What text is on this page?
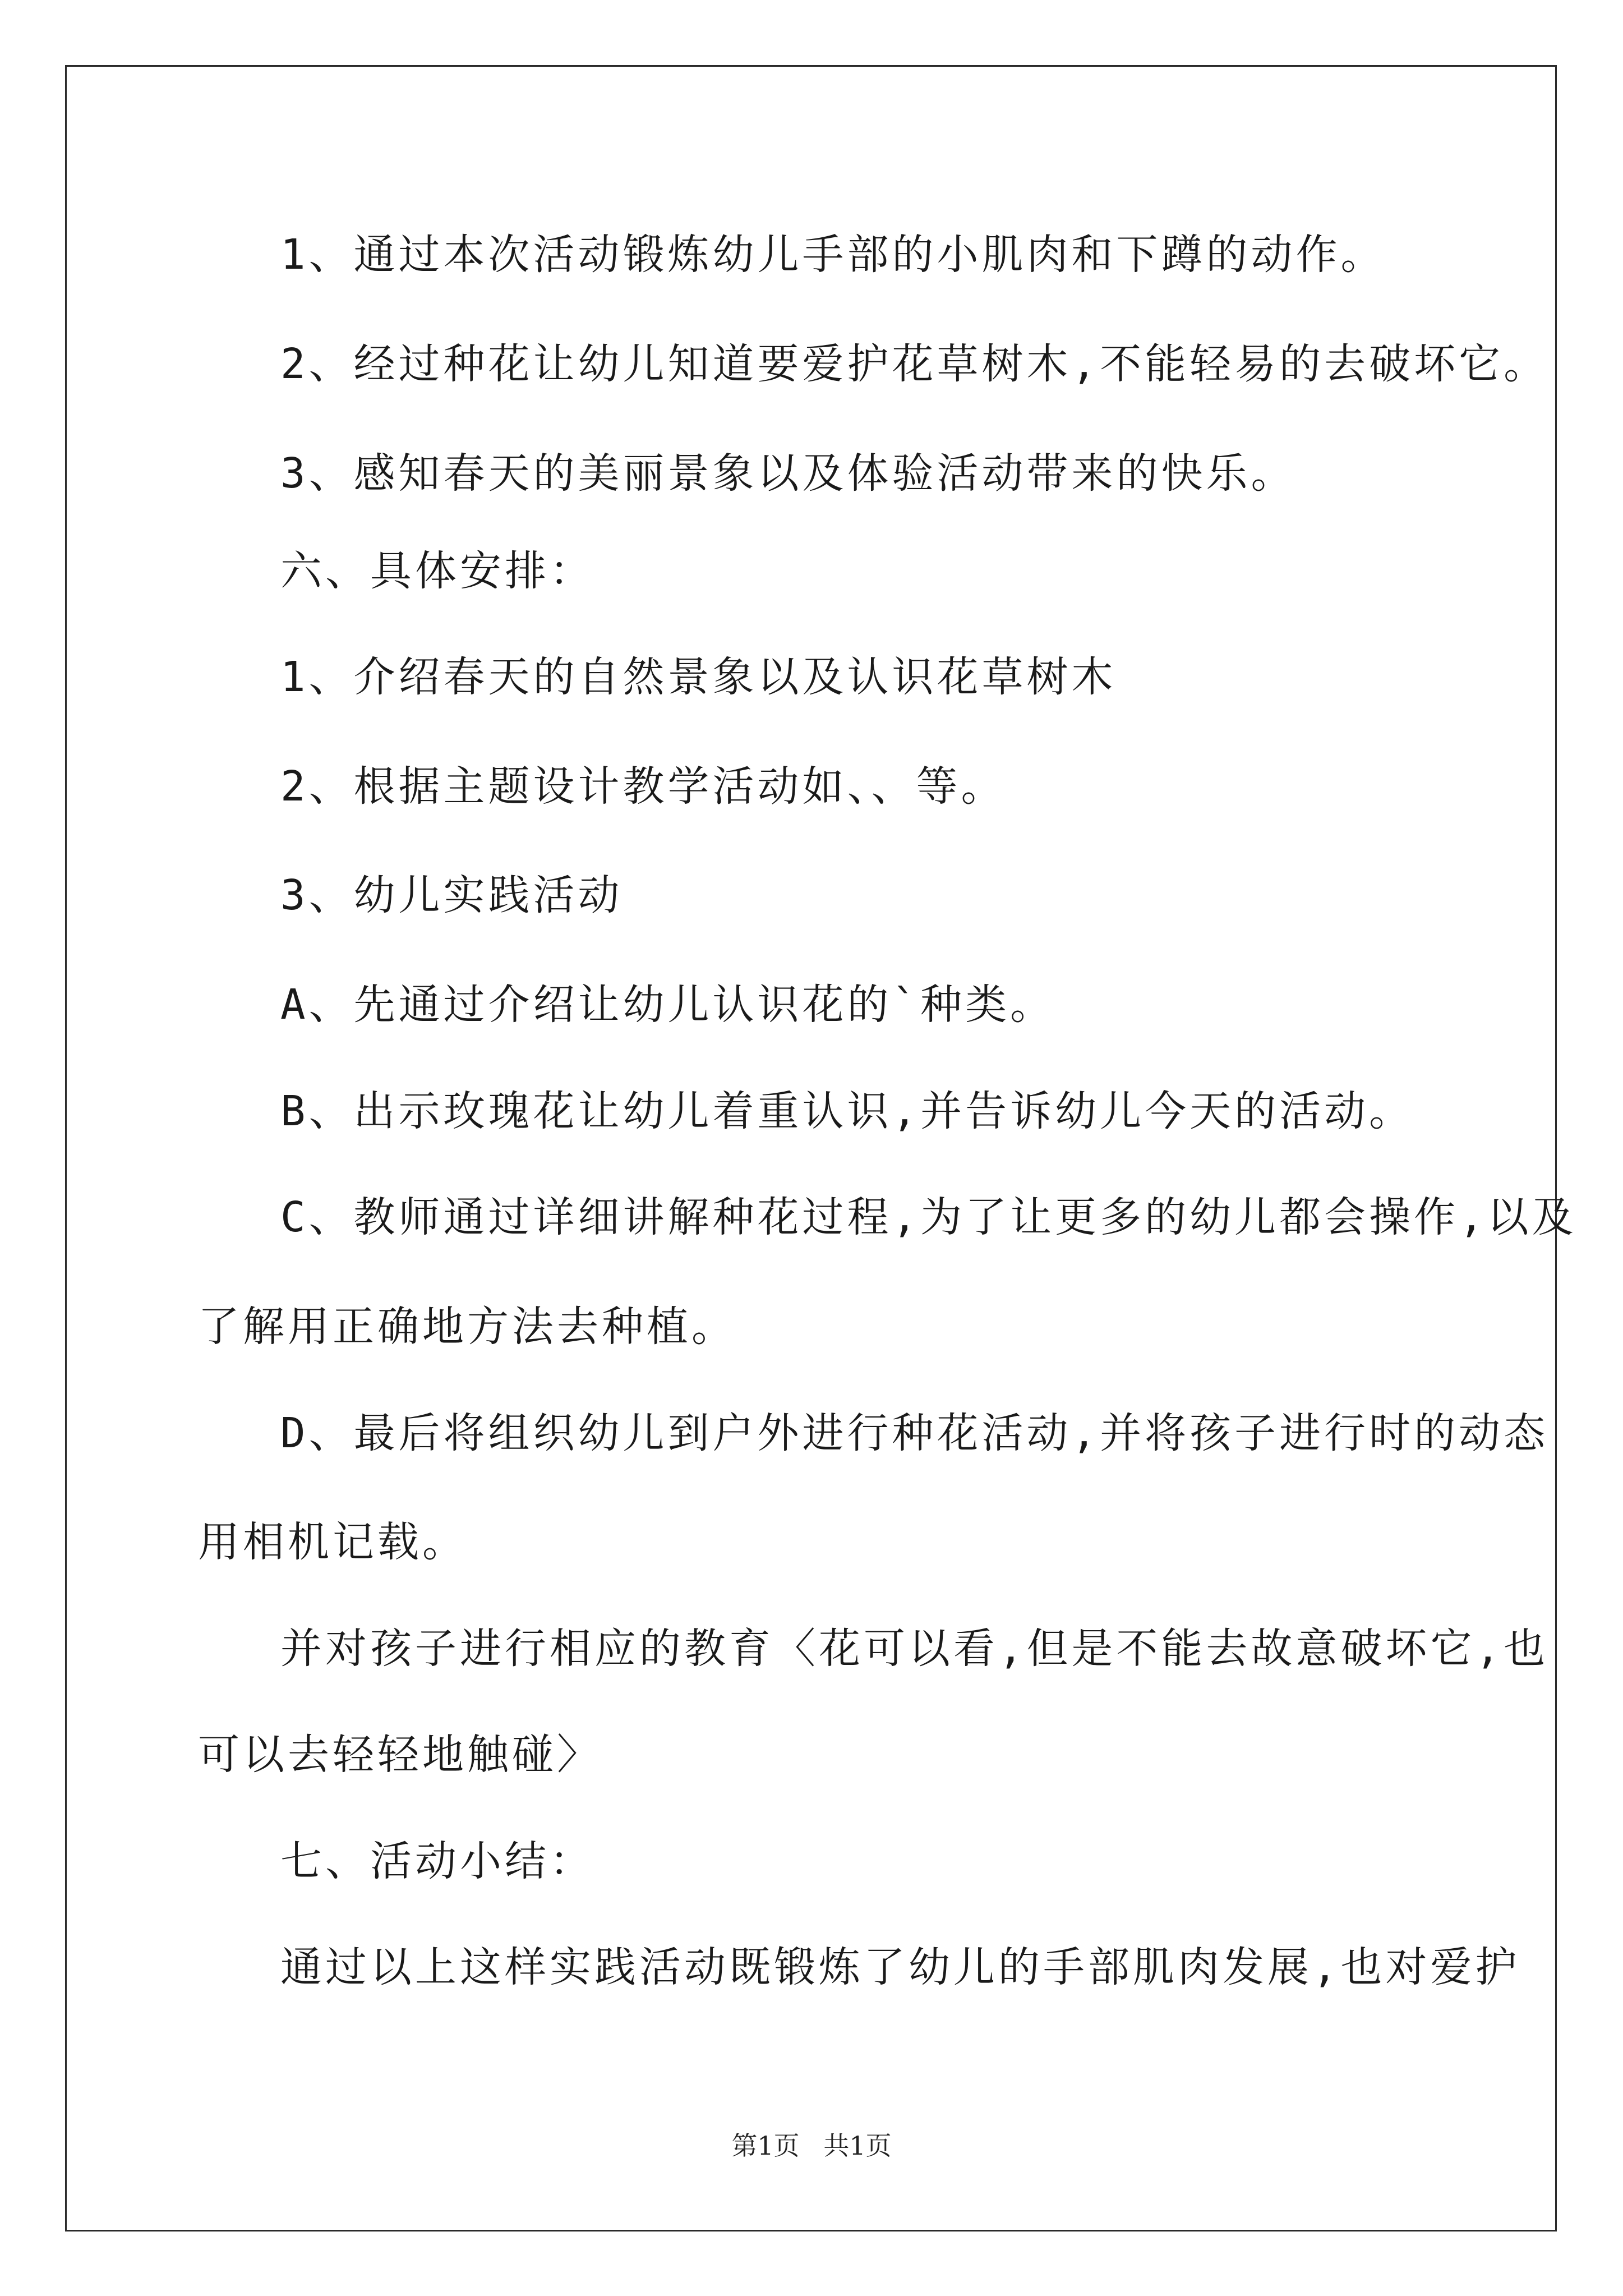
1、通过本次活动锻炼幼儿手部的小肌肉和下蹲的动作。
2、经过种花让幼儿知道要爱护花草树木,不能轻易的去破坏它。
3、感知春天的美丽景象以及体验活动带来的快乐。
六、具体安排：
1、介绍春天的自然景象以及认识花草树木
2、根据主题设计教学活动如、、等。
3、幼儿实践活动
A、先通过介绍让幼儿认识花的`种类。
B、出示玫瑰花让幼儿着重认识,并告诉幼儿今天的活动。
C、教师通过详细讲解种花过程,为了让更多的幼儿都会操作,以及
了解用正确地方法去种植。
D、最后将组织幼儿到户外进行种花活动,并将孩子进行时的动态
用相机记载。
并对孩子进行相应的教育〈花可以看,但是不能去故意破坏它,也
可以去轻轻地触碰〉
七、活动小结：
通过以上这样实践活动既锻炼了幼儿的手部肌肉发展,也对爱护
第1页 共1页
